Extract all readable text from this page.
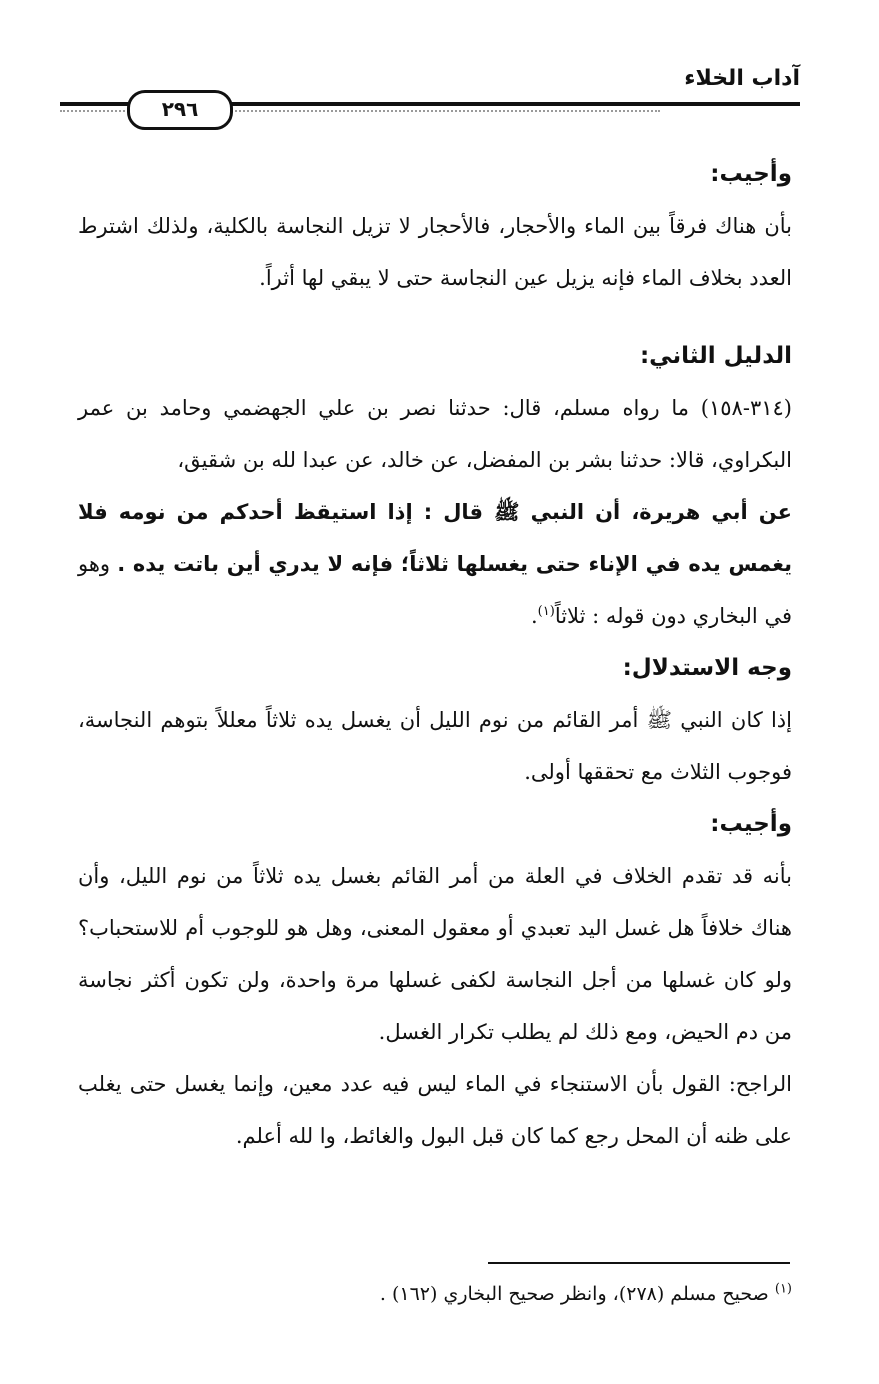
آداب الخلاء
٢٩٦

وأجيب:

بأن هناك فرقاً بين الماء والأحجار، فالأحجار لا تزيل النجاسة بالكلية، ولذلك اشترط العدد بخلاف الماء فإنه يزيل عين النجاسة حتى لا يبقي لها أثراً.

الدليل الثاني:

(٣١٤-١٥٨) ما رواه مسلم، قال: حدثنا نصر بن علي الجهضمي وحامد بن عمر البكراوي، قالا: حدثنا بشر بن المفضل، عن خالد، عن عبدا لله بن شقيق،

عن أبي هريرة، أن النبي ﷺ قال : إذا استيقظ أحدكم من نومه فلا يغمس يده في الإناء حتى يغسلها ثلاثاً؛ فإنه لا يدري أين باتت يده . وهو في البخاري دون قوله : ثلاثاً$^{(١)}$.

وجه الاستدلال:

إذا كان النبي ﷺ أمر القائم من نوم الليل أن يغسل يده ثلاثاً معللاً بتوهم النجاسة، فوجوب الثلاث مع تحققها أولى.

وأجيب:

بأنه قد تقدم الخلاف في العلة من أمر القائم بغسل يده ثلاثاً من نوم الليل، وأن هناك خلافاً هل غسل اليد تعبدي أو معقول المعنى، وهل هو للوجوب أم للاستحباب؟ ولو كان غسلها من أجل النجاسة لكفى غسلها مرة واحدة، ولن تكون أكثر نجاسة من دم الحيض، ومع ذلك لم يطلب تكرار الغسل.

الراجح: القول بأن الاستنجاء في الماء ليس فيه عدد معين، وإنما يغسل حتى يغلب على ظنه أن المحل رجع كما كان قبل البول والغائط، وا لله أعلم.

$^{(١)}$ صحيح مسلم (٢٧٨)، وانظر صحيح البخاري (١٦٢) .
